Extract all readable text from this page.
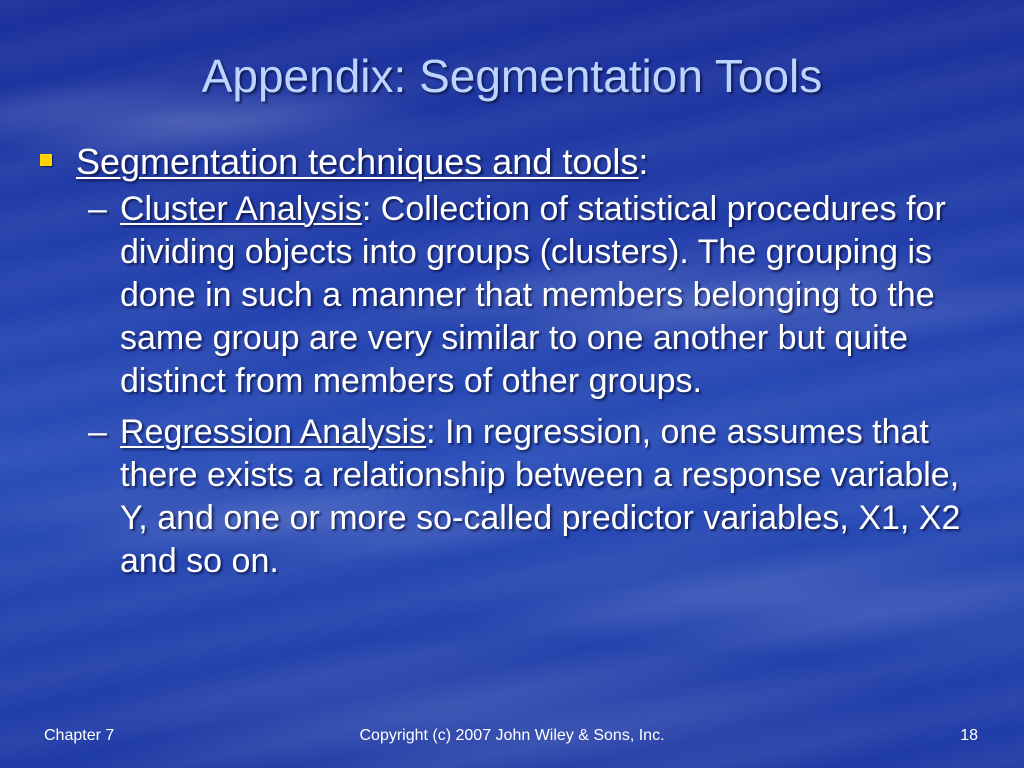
Appendix: Segmentation Tools
Segmentation techniques and tools:
– Cluster Analysis: Collection of statistical procedures for dividing objects into groups (clusters). The grouping is done in such a manner that members belonging to the same group are very similar to one another but quite distinct from members of other groups.
– Regression Analysis: In regression, one assumes that there exists a relationship between a response variable, Y, and one or more so-called predictor variables, X1, X2 and so on.
Chapter 7	Copyright (c) 2007 John Wiley & Sons, Inc.	18
